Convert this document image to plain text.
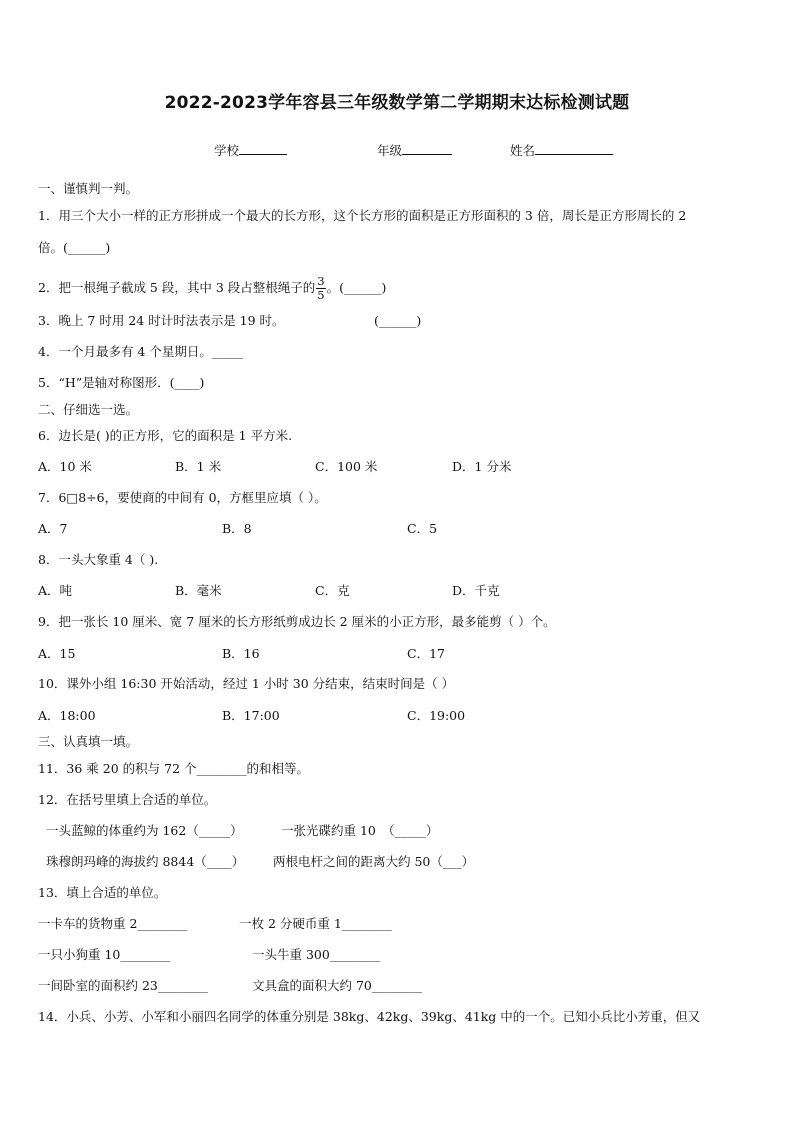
2022-2023学年容县三年级数学第二学期期末达标检测试题
学校	年级	姓名
一、谨慎判一判。
1．用三个大小一样的正方形拼成一个最大的长方形，这个长方形的面积是正方形面积的 3 倍，周长是正方形周长的 2
倍。(______)
2．把一根绳子截成 5 段，其中 3 段占整根绳子的 $\frac{3}{5}$ 。(______)
3．晚上 7 时用 24 时计时法表示是 19 时。	(______)
4．一个月最多有 4 个星期日。_____
5．“H”是轴对称图形．(____)
二、仔细选一选。
6．边长是( )的正方形，它的面积是 1 平方米.
A．10 米	B．1 米	C．100 米	D．1 分米
7．6□8÷6，要使商的中间有 0，方框里应填（ ）。
A．7	B．8	C．5
8．一头大象重 4（ ).
A．吨	B．毫米	C．克	D．千克
9．把一张长 10 厘米、宽 7 厘米的长方形纸剪成边长 2 厘米的小正方形，最多能剪（ ）个。
A．15	B．16	C．17
10．课外小组 16:30 开始活动，经过 1 小时 30 分结束，结束时间是（ ）
A．18:00	B．17:00	C．19:00
三、认真填一填。
11．36 乘 20 的积与 72 个________的和相等。
12．在括号里填上合适的单位。
一头蓝鲸的体重约为 162（_____）	一张光碟约重 10　（_____）
珠穆朗玛峰的海拔约 8844（____） 两根电杆之间的距离大约 50（___）
13．填上合适的单位。
一卡车的货物重 2________	一枚 2 分硬币重 1________
一只小狗重 10________	一头牛重 300________
一间卧室的面积约 23________	文具盒的面积大约 70________
14．小兵、小芳、小军和小丽四名同学的体重分别是 38kg、42kg、39kg、41kg 中的一个。已知小兵比小芳重，但又
